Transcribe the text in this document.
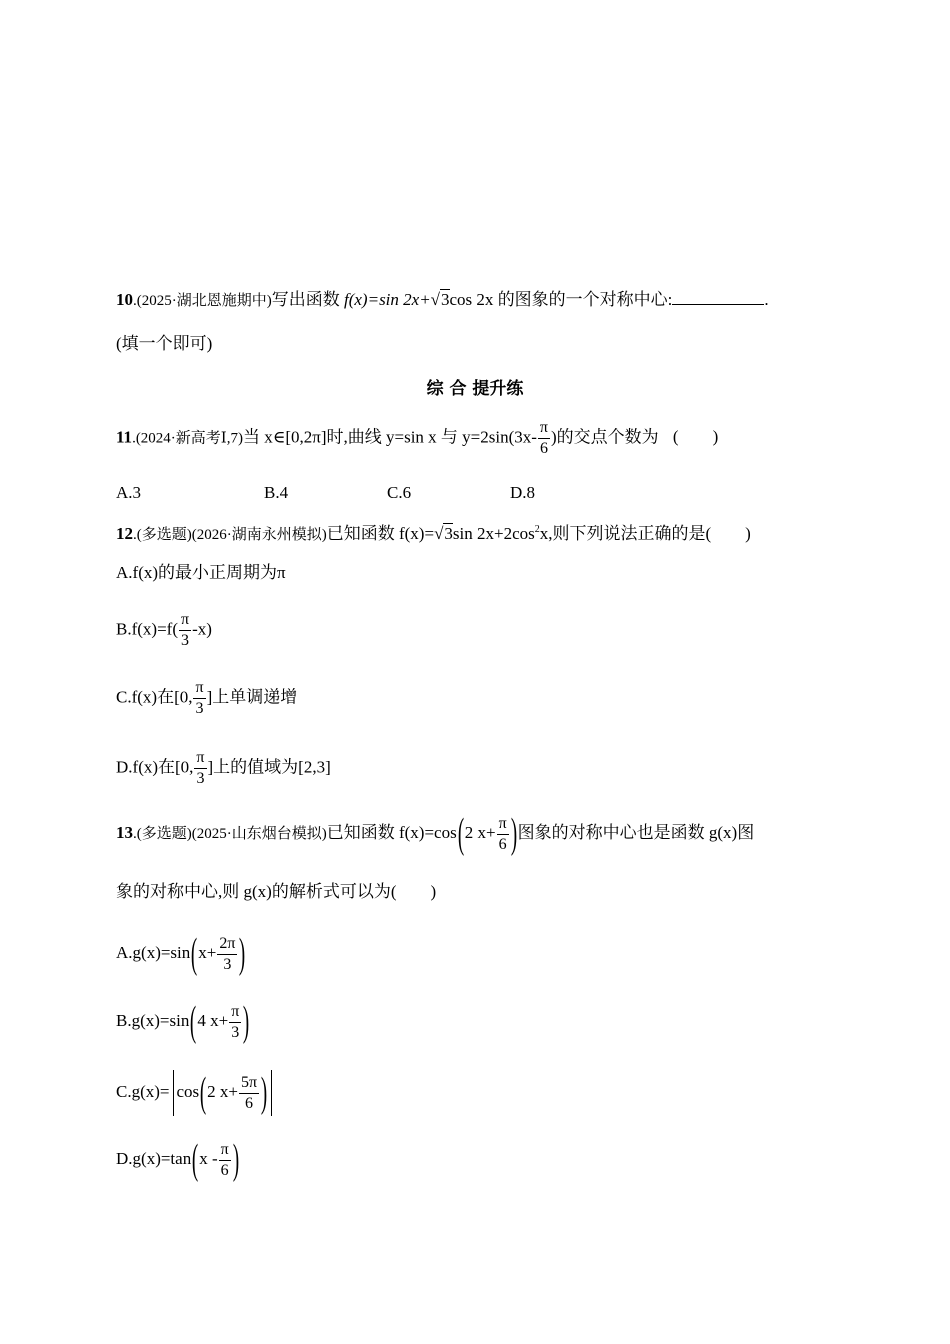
10.(2025·湖北恩施期中)写出函数 f(x)=sin 2x+√3cos 2x 的图象的一个对称中心:	.
(填一个即可)
综 合 提升练
11.(2024·新高考Ⅰ,7)当 x∈[0,2π]时,曲线 y=sin x 与 $y=2\sin(3x- \frac{\pi}{6}$ )的交点个数为 (　　)
A.3	B.4	C.6	D.8
12.(多选题)(2026·湖南永州模拟)已知函数 f(x)=√3sin $2x+2\cos^2x$,则下列说法正确的是(　　)
A.f(x)的最小正周期为π
$B.f(x)=f( \frac{\pi}{3} -x)$
C.f(x)在[0, $\frac{\pi}{3}$ ]上单调递增
D.f(x)在[0, $\frac{\pi}{3}$ ]上的值域为[2,3]
13.(多选题)(2025·山东烟台模拟)已知函数 f(x)=cos(2 $x+ \frac{\pi}{6}$ )图象的对称中心也是函数 g(x)图
象的对称中心,则 g(x)的解析式可以为(　　)
$A.g(x)=\sin(x+ \frac{2\pi}{3}$ )
B.g(x)=sin(4 $x+ \frac{\pi}{3}$ )
C.g(x)= cos(2 $x+ \frac{5\pi}{6}$ )
$D.g(x)=\tan(x - \frac{\pi}{6}$ )
